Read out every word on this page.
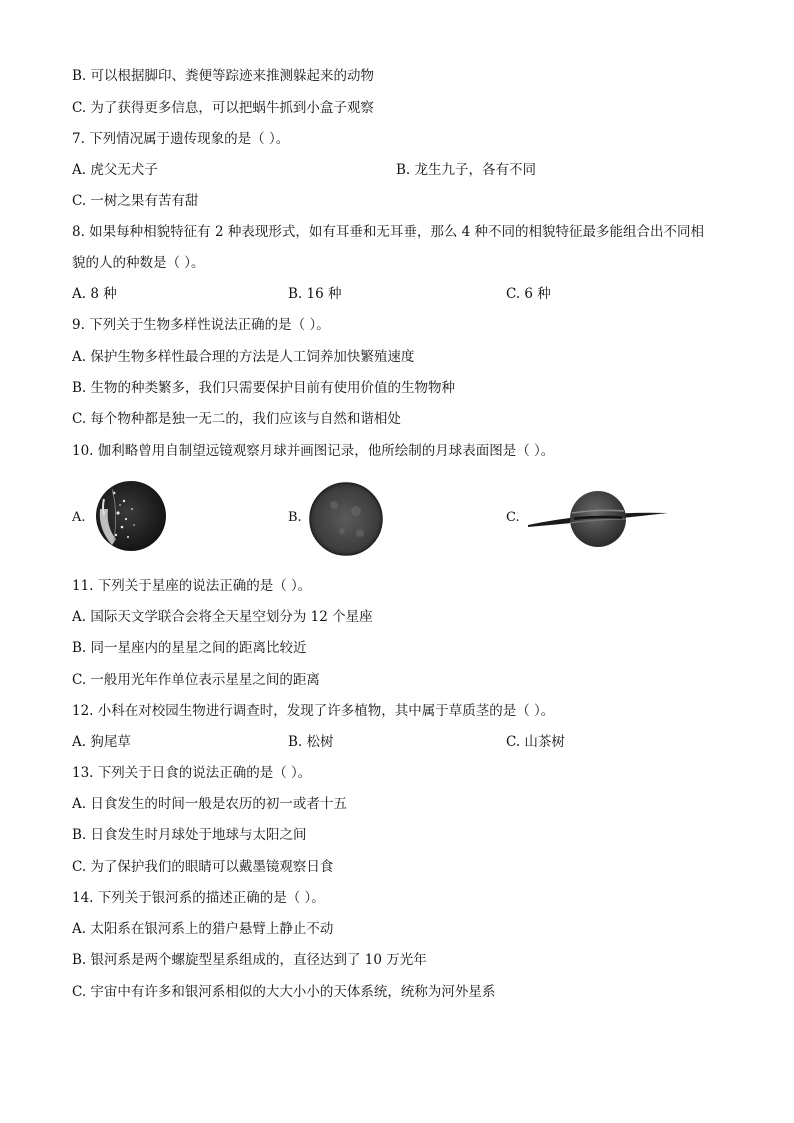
B. 可以根据脚印、粪便等踪迹来推测躲起来的动物
C. 为了获得更多信息，可以把蜗牛抓到小盒子观察
7. 下列情况属于遗传现象的是（ ）。
A. 虎父无犬子	B. 龙生九子，各有不同
C. 一树之果有苦有甜
8. 如果每种相貌特征有 2 种表现形式，如有耳垂和无耳垂，那么 4 种不同的相貌特征最多能组合出不同相
貌的人的种数是（ ）。
A. 8 种	B. 16 种	C. 6 种
9. 下列关于生物多样性说法正确的是（ ）。
A. 保护生物多样性最合理的方法是人工饲养加快繁殖速度
B. 生物的种类繁多，我们只需要保护目前有使用价值的生物物种
C. 每个物种都是独一无二的，我们应该与自然和谐相处
10. 伽利略曾用自制望远镜观察月球并画图记录，他所绘制的月球表面图是（ ）。
A.	B.	C.
11. 下列关于星座的说法正确的是（ ）。
A. 国际天文学联合会将全天星空划分为 12 个星座
B. 同一星座内的星星之间的距离比较近
C. 一般用光年作单位表示星星之间的距离
12. 小科在对校园生物进行调查时，发现了许多植物，其中属于草质茎的是（ ）。
A. 狗尾草	B. 松树	C. 山茶树
13. 下列关于日食的说法正确的是（ ）。
A. 日食发生的时间一般是农历的初一或者十五
B. 日食发生时月球处于地球与太阳之间
C. 为了保护我们的眼睛可以戴墨镜观察日食
14. 下列关于银河系的描述正确的是（ ）。
A. 太阳系在银河系上的猎户悬臂上静止不动
B. 银河系是两个螺旋型星系组成的，直径达到了 10 万光年
C. 宇宙中有许多和银河系相似的大大小小的天体系统，统称为河外星系
